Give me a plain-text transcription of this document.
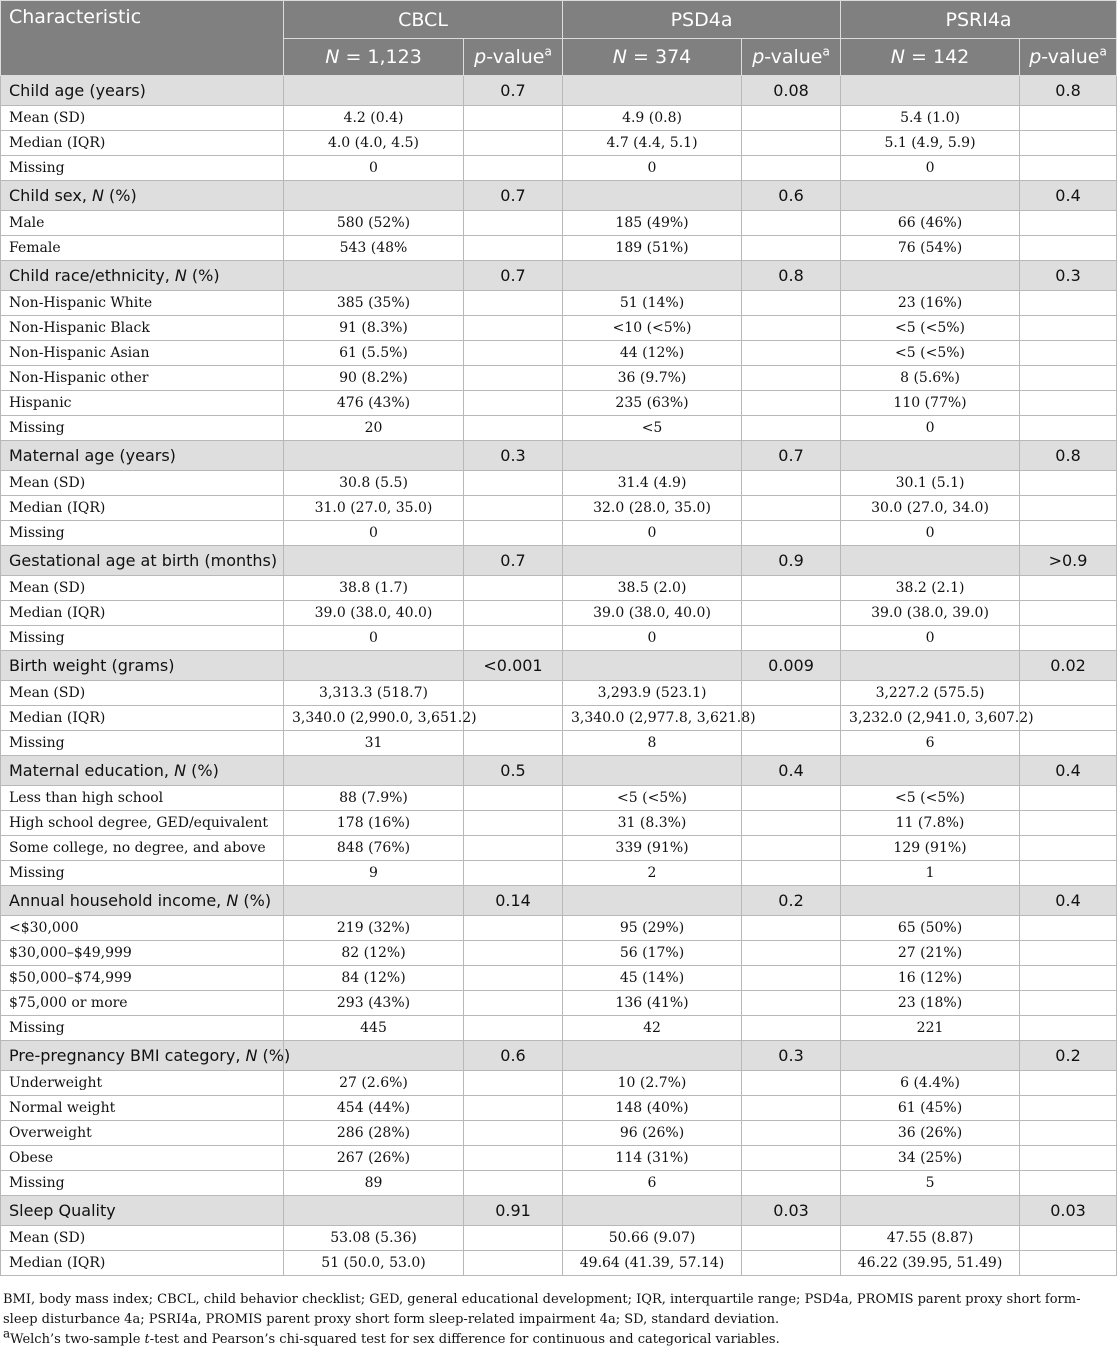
Characteristic	CBCL		PSD4a		PSRI4a	
	N = 1,123	p-value$^a$	N = 374	p-value$^a$	N = 142	p-value$^a$
Child age (years)		0.7		0.08		0.8
Mean (SD)	4.2 (0.4)		4.9 (0.8)		5.4 (1.0)	
Median (IQR)	4.0 (4.0, 4.5)		4.7 (4.4, 5.1)		5.1 (4.9, 5.9)	
Missing	0		0		0	
Child sex, N (%)		0.7		0.6		0.4
Male	580 (52%)		185 (49%)		66 (46%)	
Female	543 (48%		189 (51%)		76 (54%)	
Child race/ethnicity, N (%)		0.7		0.8		0.3
Non-Hispanic White	385 (35%)		51 (14%)		23 (16%)	
Non-Hispanic Black	91 (8.3%)		<10 (<5%)		<5 (<5%)	
Non-Hispanic Asian	61 (5.5%)		44 (12%)		<5 (<5%)	
Non-Hispanic other	90 (8.2%)		36 (9.7%)		8 (5.6%)	
Hispanic	476 (43%)		235 (63%)		110 (77%)	
Missing	20		<5		0	
Maternal age (years)		0.3		0.7		0.8
Mean (SD)	30.8 (5.5)		31.4 (4.9)		30.1 (5.1)	
Median (IQR)	31.0 (27.0, 35.0)		32.0 (28.0, 35.0)		30.0 (27.0, 34.0)	
Missing	0		0		0	
Gestational age at birth (months)		0.7		0.9		>0.9
Mean (SD)	38.8 (1.7)		38.5 (2.0)		38.2 (2.1)	
Median (IQR)	39.0 (38.0, 40.0)		39.0 (38.0, 40.0)		39.0 (38.0, 39.0)	
Missing	0		0		0	
Birth weight (grams)		<0.001		0.009		0.02
Mean (SD)	3,313.3 (518.7)		3,293.9 (523.1)		3,227.2 (575.5)	
Median (IQR)	3,340.0 (2,990.0, 3,651.2)		3,340.0 (2,977.8, 3,621.8)		3,232.0 (2,941.0, 3,607.2)	
Missing	31		8		6	
Maternal education, N (%)		0.5		0.4		0.4
Less than high school	88 (7.9%)		<5 (<5%)		<5 (<5%)	
High school degree, GED/equivalent	178 (16%)		31 (8.3%)		11 (7.8%)	
Some college, no degree, and above	848 (76%)		339 (91%)		129 (91%)	
Missing	9		2		1	
Annual household income, N (%)		0.14		0.2		0.4
<$30,000	219 (32%)		95 (29%)		65 (50%)	
$30,000–$49,999	82 (12%)		56 (17%)		27 (21%)	
$50,000–$74,999	84 (12%)		45 (14%)		16 (12%)	
$75,000 or more	293 (43%)		136 (41%)		23 (18%)	
Missing	445		42		221	
Pre-pregnancy BMI category, N (%)		0.6		0.3		0.2
Underweight	27 (2.6%)		10 (2.7%)		6 (4.4%)	
Normal weight	454 (44%)		148 (40%)		61 (45%)	
Overweight	286 (28%)		96 (26%)		36 (26%)	
Obese	267 (26%)		114 (31%)		34 (25%)	
Missing	89		6		5	
Sleep Quality		0.91		0.03		0.03
Mean (SD)	53.08 (5.36)		50.66 (9.07)		47.55 (8.87)	
Median (IQR)	51 (50.0, 53.0)		49.64 (41.39, 57.14)		46.22 (39.95, 51.49)	

BMI, body mass index; CBCL, child behavior checklist; GED, general educational development; IQR, interquartile range; PSD4a, PROMIS parent proxy short form-sleep disturbance 4a; PSRI4a, PROMIS parent proxy short form sleep-related impairment 4a; SD, standard deviation.

$^a$Welch’s two-sample t-test and Pearson’s chi-squared test for sex difference for continuous and categorical variables.
